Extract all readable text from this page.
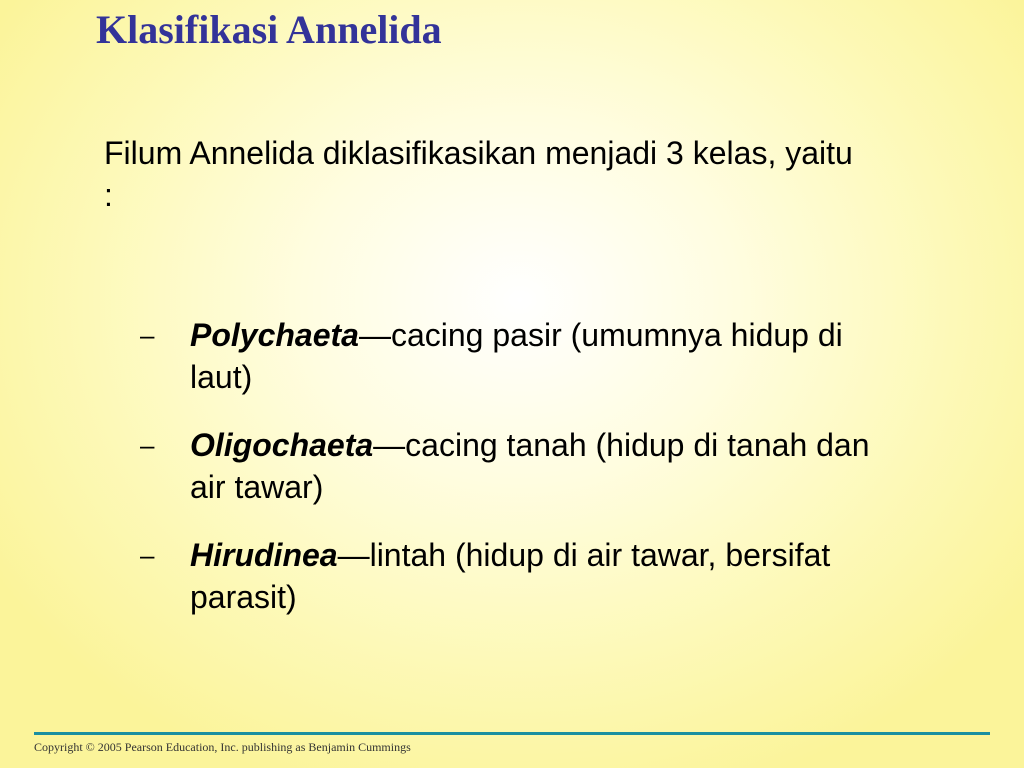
Klasifikasi Annelida

Filum Annelida diklasifikasikan menjadi 3 kelas, yaitu :

–	Polychaeta—cacing pasir (umumnya hidup di laut)
–	Oligochaeta—cacing tanah (hidup di tanah dan air tawar)
–	Hirudinea—lintah (hidup di air tawar, bersifat parasit)

Copyright © 2005 Pearson Education, Inc. publishing as Benjamin Cummings
